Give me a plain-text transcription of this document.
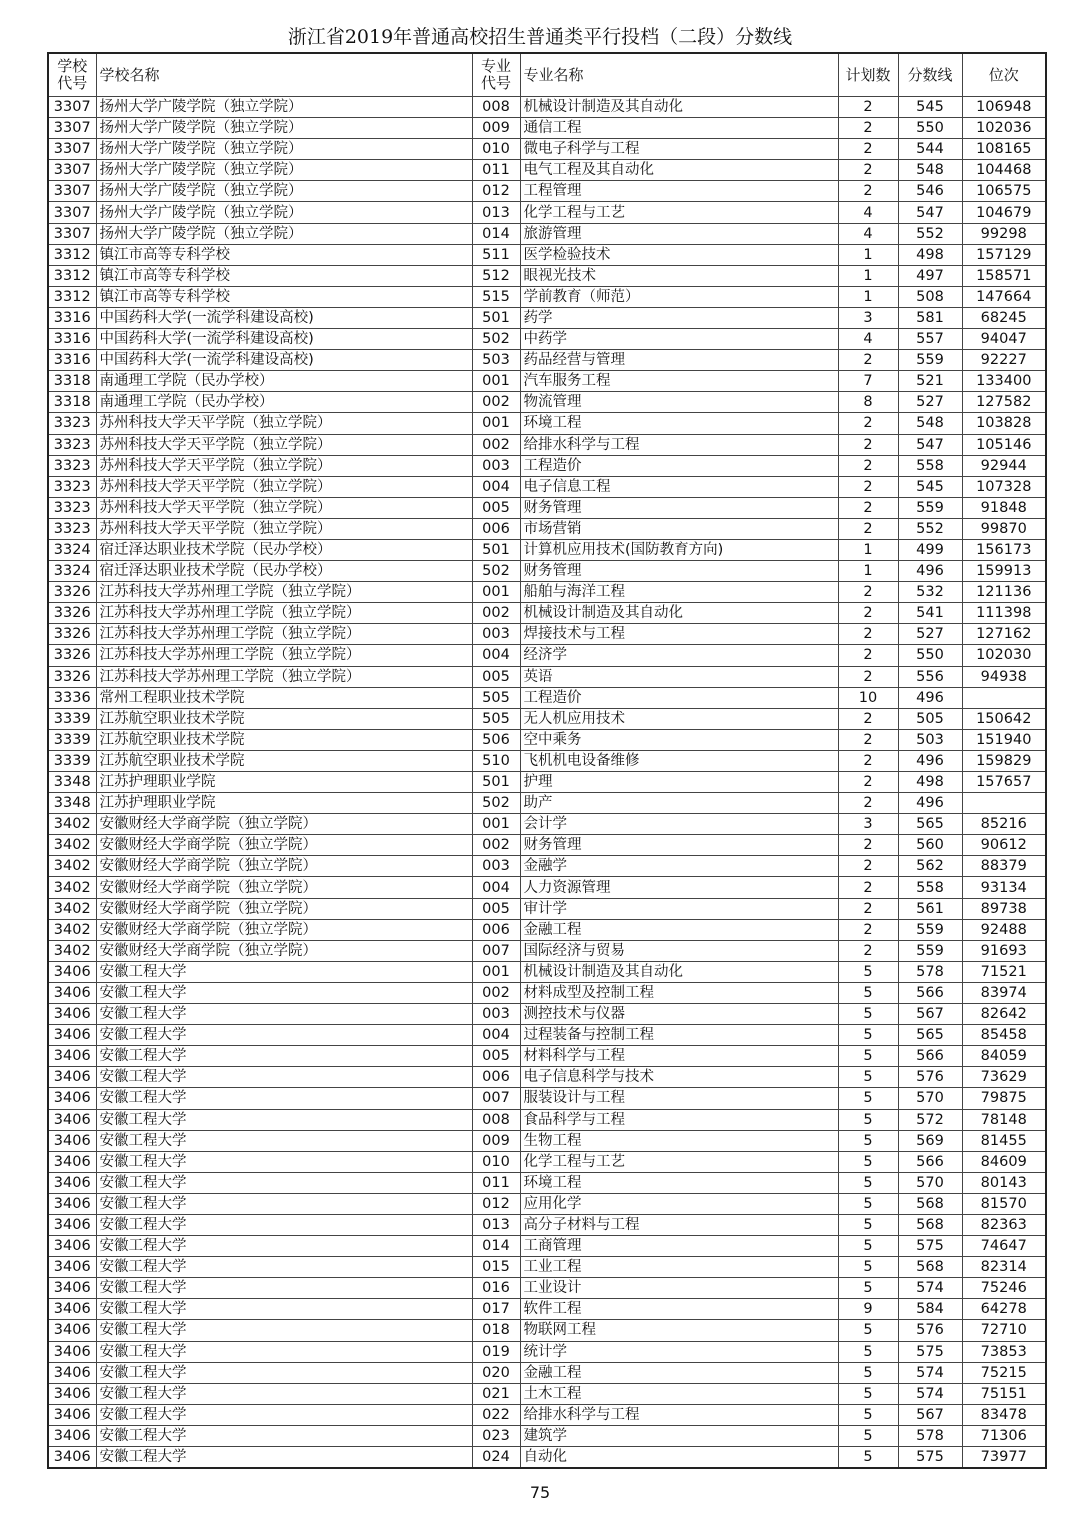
浙江省2019年普通高校招生普通类平行投档（二段）分数线
学校代号	学校名称	专业代号	专业名称	计划数	分数线	位次
3307	扬州大学广陵学院（独立学院）	008	机械设计制造及其自动化	2	545	106948
3307	扬州大学广陵学院（独立学院）	009	通信工程	2	550	102036
3307	扬州大学广陵学院（独立学院）	010	微电子科学与工程	2	544	108165
3307	扬州大学广陵学院（独立学院）	011	电气工程及其自动化	2	548	104468
3307	扬州大学广陵学院（独立学院）	012	工程管理	2	546	106575
3307	扬州大学广陵学院（独立学院）	013	化学工程与工艺	4	547	104679
3307	扬州大学广陵学院（独立学院）	014	旅游管理	4	552	99298
3312	镇江市高等专科学校	511	医学检验技术	1	498	157129
3312	镇江市高等专科学校	512	眼视光技术	1	497	158571
3312	镇江市高等专科学校	515	学前教育（师范）	1	508	147664
3316	中国药科大学(一流学科建设高校)	501	药学	3	581	68245
3316	中国药科大学(一流学科建设高校)	502	中药学	4	557	94047
3316	中国药科大学(一流学科建设高校)	503	药品经营与管理	2	559	92227
3318	南通理工学院（民办学校）	001	汽车服务工程	7	521	133400
3318	南通理工学院（民办学校）	002	物流管理	8	527	127582
3323	苏州科技大学天平学院（独立学院）	001	环境工程	2	548	103828
3323	苏州科技大学天平学院（独立学院）	002	给排水科学与工程	2	547	105146
3323	苏州科技大学天平学院（独立学院）	003	工程造价	2	558	92944
3323	苏州科技大学天平学院（独立学院）	004	电子信息工程	2	545	107328
3323	苏州科技大学天平学院（独立学院）	005	财务管理	2	559	91848
3323	苏州科技大学天平学院（独立学院）	006	市场营销	2	552	99870
3324	宿迁泽达职业技术学院（民办学校）	501	计算机应用技术(国防教育方向)	1	499	156173
3324	宿迁泽达职业技术学院（民办学校）	502	财务管理	1	496	159913
3326	江苏科技大学苏州理工学院（独立学院）	001	船舶与海洋工程	2	532	121136
3326	江苏科技大学苏州理工学院（独立学院）	002	机械设计制造及其自动化	2	541	111398
3326	江苏科技大学苏州理工学院（独立学院）	003	焊接技术与工程	2	527	127162
3326	江苏科技大学苏州理工学院（独立学院）	004	经济学	2	550	102030
3326	江苏科技大学苏州理工学院（独立学院）	005	英语	2	556	94938
3336	常州工程职业技术学院	505	工程造价	10	496	
3339	江苏航空职业技术学院	505	无人机应用技术	2	505	150642
3339	江苏航空职业技术学院	506	空中乘务	2	503	151940
3339	江苏航空职业技术学院	510	飞机机电设备维修	2	496	159829
3348	江苏护理职业学院	501	护理	2	498	157657
3348	江苏护理职业学院	502	助产	2	496	
3402	安徽财经大学商学院（独立学院）	001	会计学	3	565	85216
3402	安徽财经大学商学院（独立学院）	002	财务管理	2	560	90612
3402	安徽财经大学商学院（独立学院）	003	金融学	2	562	88379
3402	安徽财经大学商学院（独立学院）	004	人力资源管理	2	558	93134
3402	安徽财经大学商学院（独立学院）	005	审计学	2	561	89738
3402	安徽财经大学商学院（独立学院）	006	金融工程	2	559	92488
3402	安徽财经大学商学院（独立学院）	007	国际经济与贸易	2	559	91693
3406	安徽工程大学	001	机械设计制造及其自动化	5	578	71521
3406	安徽工程大学	002	材料成型及控制工程	5	566	83974
3406	安徽工程大学	003	测控技术与仪器	5	567	82642
3406	安徽工程大学	004	过程装备与控制工程	5	565	85458
3406	安徽工程大学	005	材料科学与工程	5	566	84059
3406	安徽工程大学	006	电子信息科学与技术	5	576	73629
3406	安徽工程大学	007	服装设计与工程	5	570	79875
3406	安徽工程大学	008	食品科学与工程	5	572	78148
3406	安徽工程大学	009	生物工程	5	569	81455
3406	安徽工程大学	010	化学工程与工艺	5	566	84609
3406	安徽工程大学	011	环境工程	5	570	80143
3406	安徽工程大学	012	应用化学	5	568	81570
3406	安徽工程大学	013	高分子材料与工程	5	568	82363
3406	安徽工程大学	014	工商管理	5	575	74647
3406	安徽工程大学	015	工业工程	5	568	82314
3406	安徽工程大学	016	工业设计	5	574	75246
3406	安徽工程大学	017	软件工程	9	584	64278
3406	安徽工程大学	018	物联网工程	5	576	72710
3406	安徽工程大学	019	统计学	5	575	73853
3406	安徽工程大学	020	金融工程	5	574	75215
3406	安徽工程大学	021	土木工程	5	574	75151
3406	安徽工程大学	022	给排水科学与工程	5	567	83478
3406	安徽工程大学	023	建筑学	5	578	71306
3406	安徽工程大学	024	自动化	5	575	73977
75
